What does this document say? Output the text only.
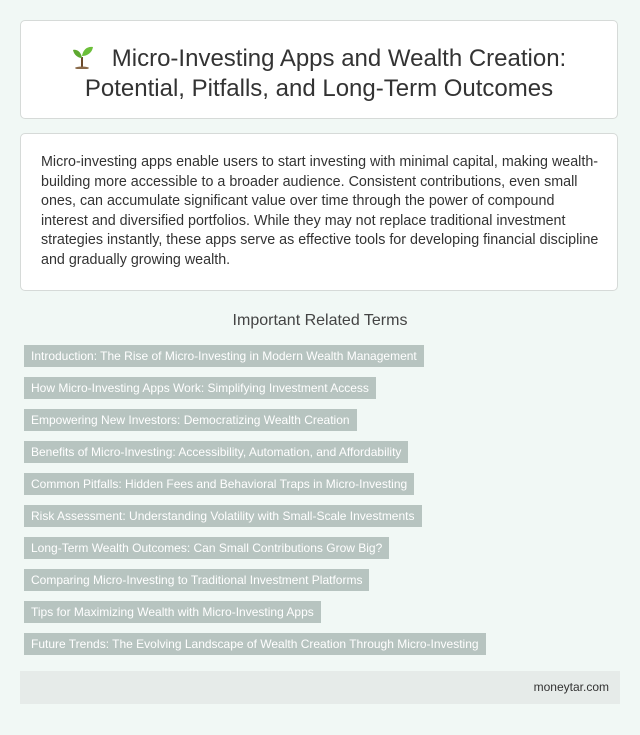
Micro-Investing Apps and Wealth Creation: Potential, Pitfalls, and Long-Term Outcomes

Micro-investing apps enable users to start investing with minimal capital, making wealth-building more accessible to a broader audience. Consistent contributions, even small ones, can accumulate significant value over time through the power of compound interest and diversified portfolios. While they may not replace traditional investment strategies instantly, these apps serve as effective tools for developing financial discipline and gradually growing wealth.

Important Related Terms
Introduction: The Rise of Micro-Investing in Modern Wealth Management
How Micro-Investing Apps Work: Simplifying Investment Access
Empowering New Investors: Democratizing Wealth Creation
Benefits of Micro-Investing: Accessibility, Automation, and Affordability
Common Pitfalls: Hidden Fees and Behavioral Traps in Micro-Investing
Risk Assessment: Understanding Volatility with Small-Scale Investments
Long-Term Wealth Outcomes: Can Small Contributions Grow Big?
Comparing Micro-Investing to Traditional Investment Platforms
Tips for Maximizing Wealth with Micro-Investing Apps
Future Trends: The Evolving Landscape of Wealth Creation Through Micro-Investing
moneytar.com
